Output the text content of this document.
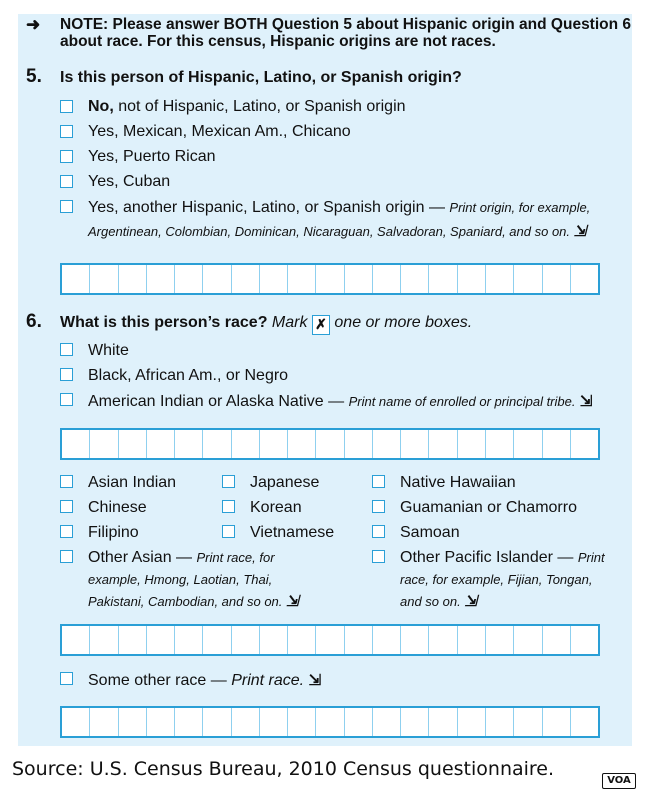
➜ NOTE: Please answer BOTH Question 5 about Hispanic origin and Question 6 about race. For this census, Hispanic origins are not races.
5. Is this person of Hispanic, Latino, or Spanish origin?
No, not of Hispanic, Latino, or Spanish origin
Yes, Mexican, Mexican Am., Chicano
Yes, Puerto Rican
Yes, Cuban
Yes, another Hispanic, Latino, or Spanish origin — Print origin, for example,
Argentinean, Colombian, Dominican, Nicaraguan, Salvadoran, Spaniard, and so on. ⇲
6. What is this person’s race? Mark ✗ one or more boxes.
White
Black, African Am., or Negro
American Indian or Alaska Native — Print name of enrolled or principal tribe. ⇲
Asian Indian
Chinese
Filipino
Other Asian — Print race, for
example, Hmong, Laotian, Thai,
Pakistani, Cambodian, and so on. ⇲
Japanese
Korean
Vietnamese
Native Hawaiian
Guamanian or Chamorro
Samoan
Other Pacific Islander — Print
race, for example, Fijian, Tongan,
and so on. ⇲
Some other race — Print race. ⇲
Source: U.S. Census Bureau, 2010 Census questionnaire.
VOA
